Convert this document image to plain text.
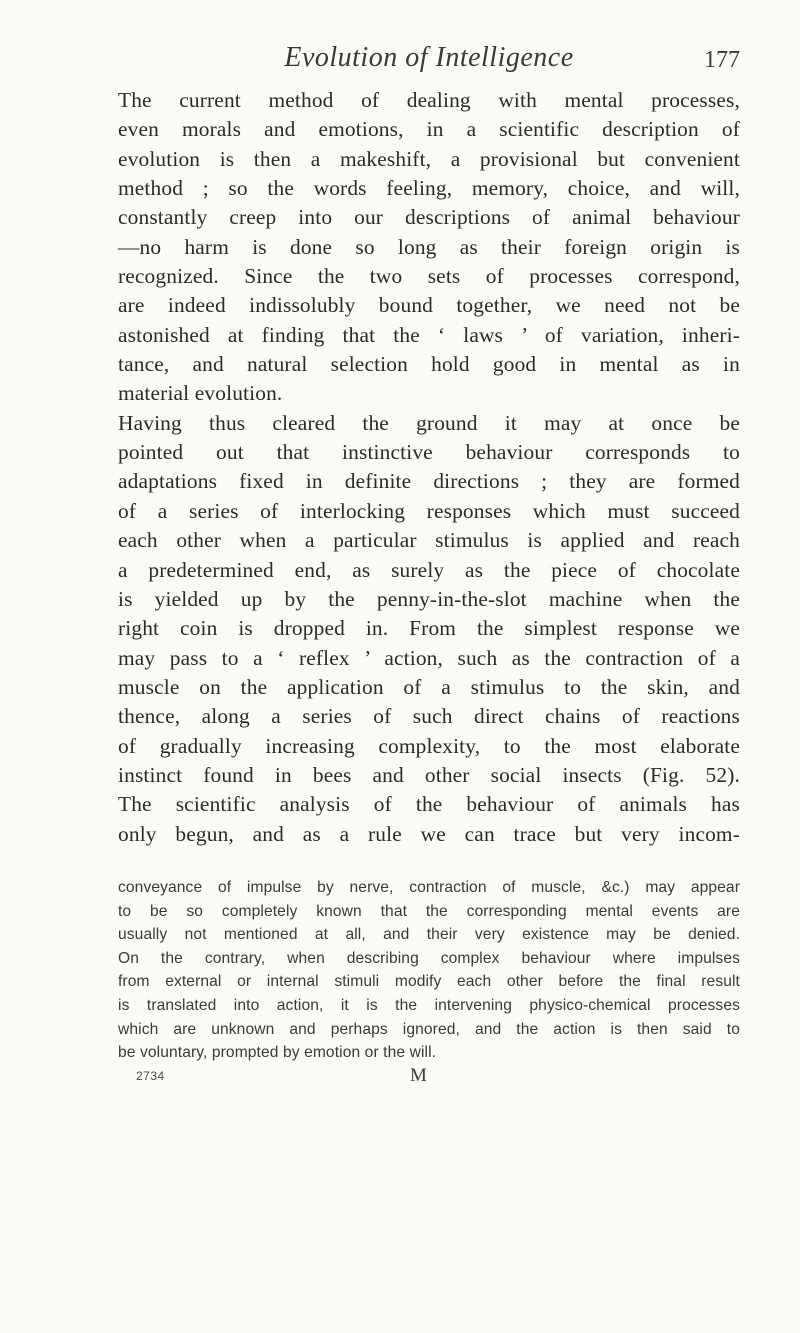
Evolution of Intelligence	177

The current method of dealing with mental processes,
even morals and emotions, in a scientific description of
evolution is then a makeshift, a provisional but convenient
method ; so the words feeling, memory, choice, and will,
constantly creep into our descriptions of animal behaviour
—no harm is done so long as their foreign origin is
recognized. Since the two sets of processes correspond,
are indeed indissolubly bound together, we need not be
astonished at finding that the ‘ laws ’ of variation, inheri-
tance, and natural selection hold good in mental as in
material evolution.

Having thus cleared the ground it may at once be
pointed out that instinctive behaviour corresponds to
adaptations fixed in definite directions ; they are formed
of a series of interlocking responses which must succeed
each other when a particular stimulus is applied and reach
a predetermined end, as surely as the piece of chocolate
is yielded up by the penny-in-the-slot machine when the
right coin is dropped in. From the simplest response we
may pass to a ‘ reflex ’ action, such as the contraction of a
muscle on the application of a stimulus to the skin, and
thence, along a series of such direct chains of reactions
of gradually increasing complexity, to the most elaborate
instinct found in bees and other social insects (Fig. 52).

The scientific analysis of the behaviour of animals has
only begun, and as a rule we can trace but very incom-

conveyance of impulse by nerve, contraction of muscle, &c.) may appear
to be so completely known that the corresponding mental events are
usually not mentioned at all, and their very existence may be denied.
On the contrary, when describing complex behaviour where impulses
from external or internal stimuli modify each other before the final result
is translated into action, it is the intervening physico-chemical processes
which are unknown and perhaps ignored, and the action is then said to
be voluntary, prompted by emotion or the will.
2734	M
